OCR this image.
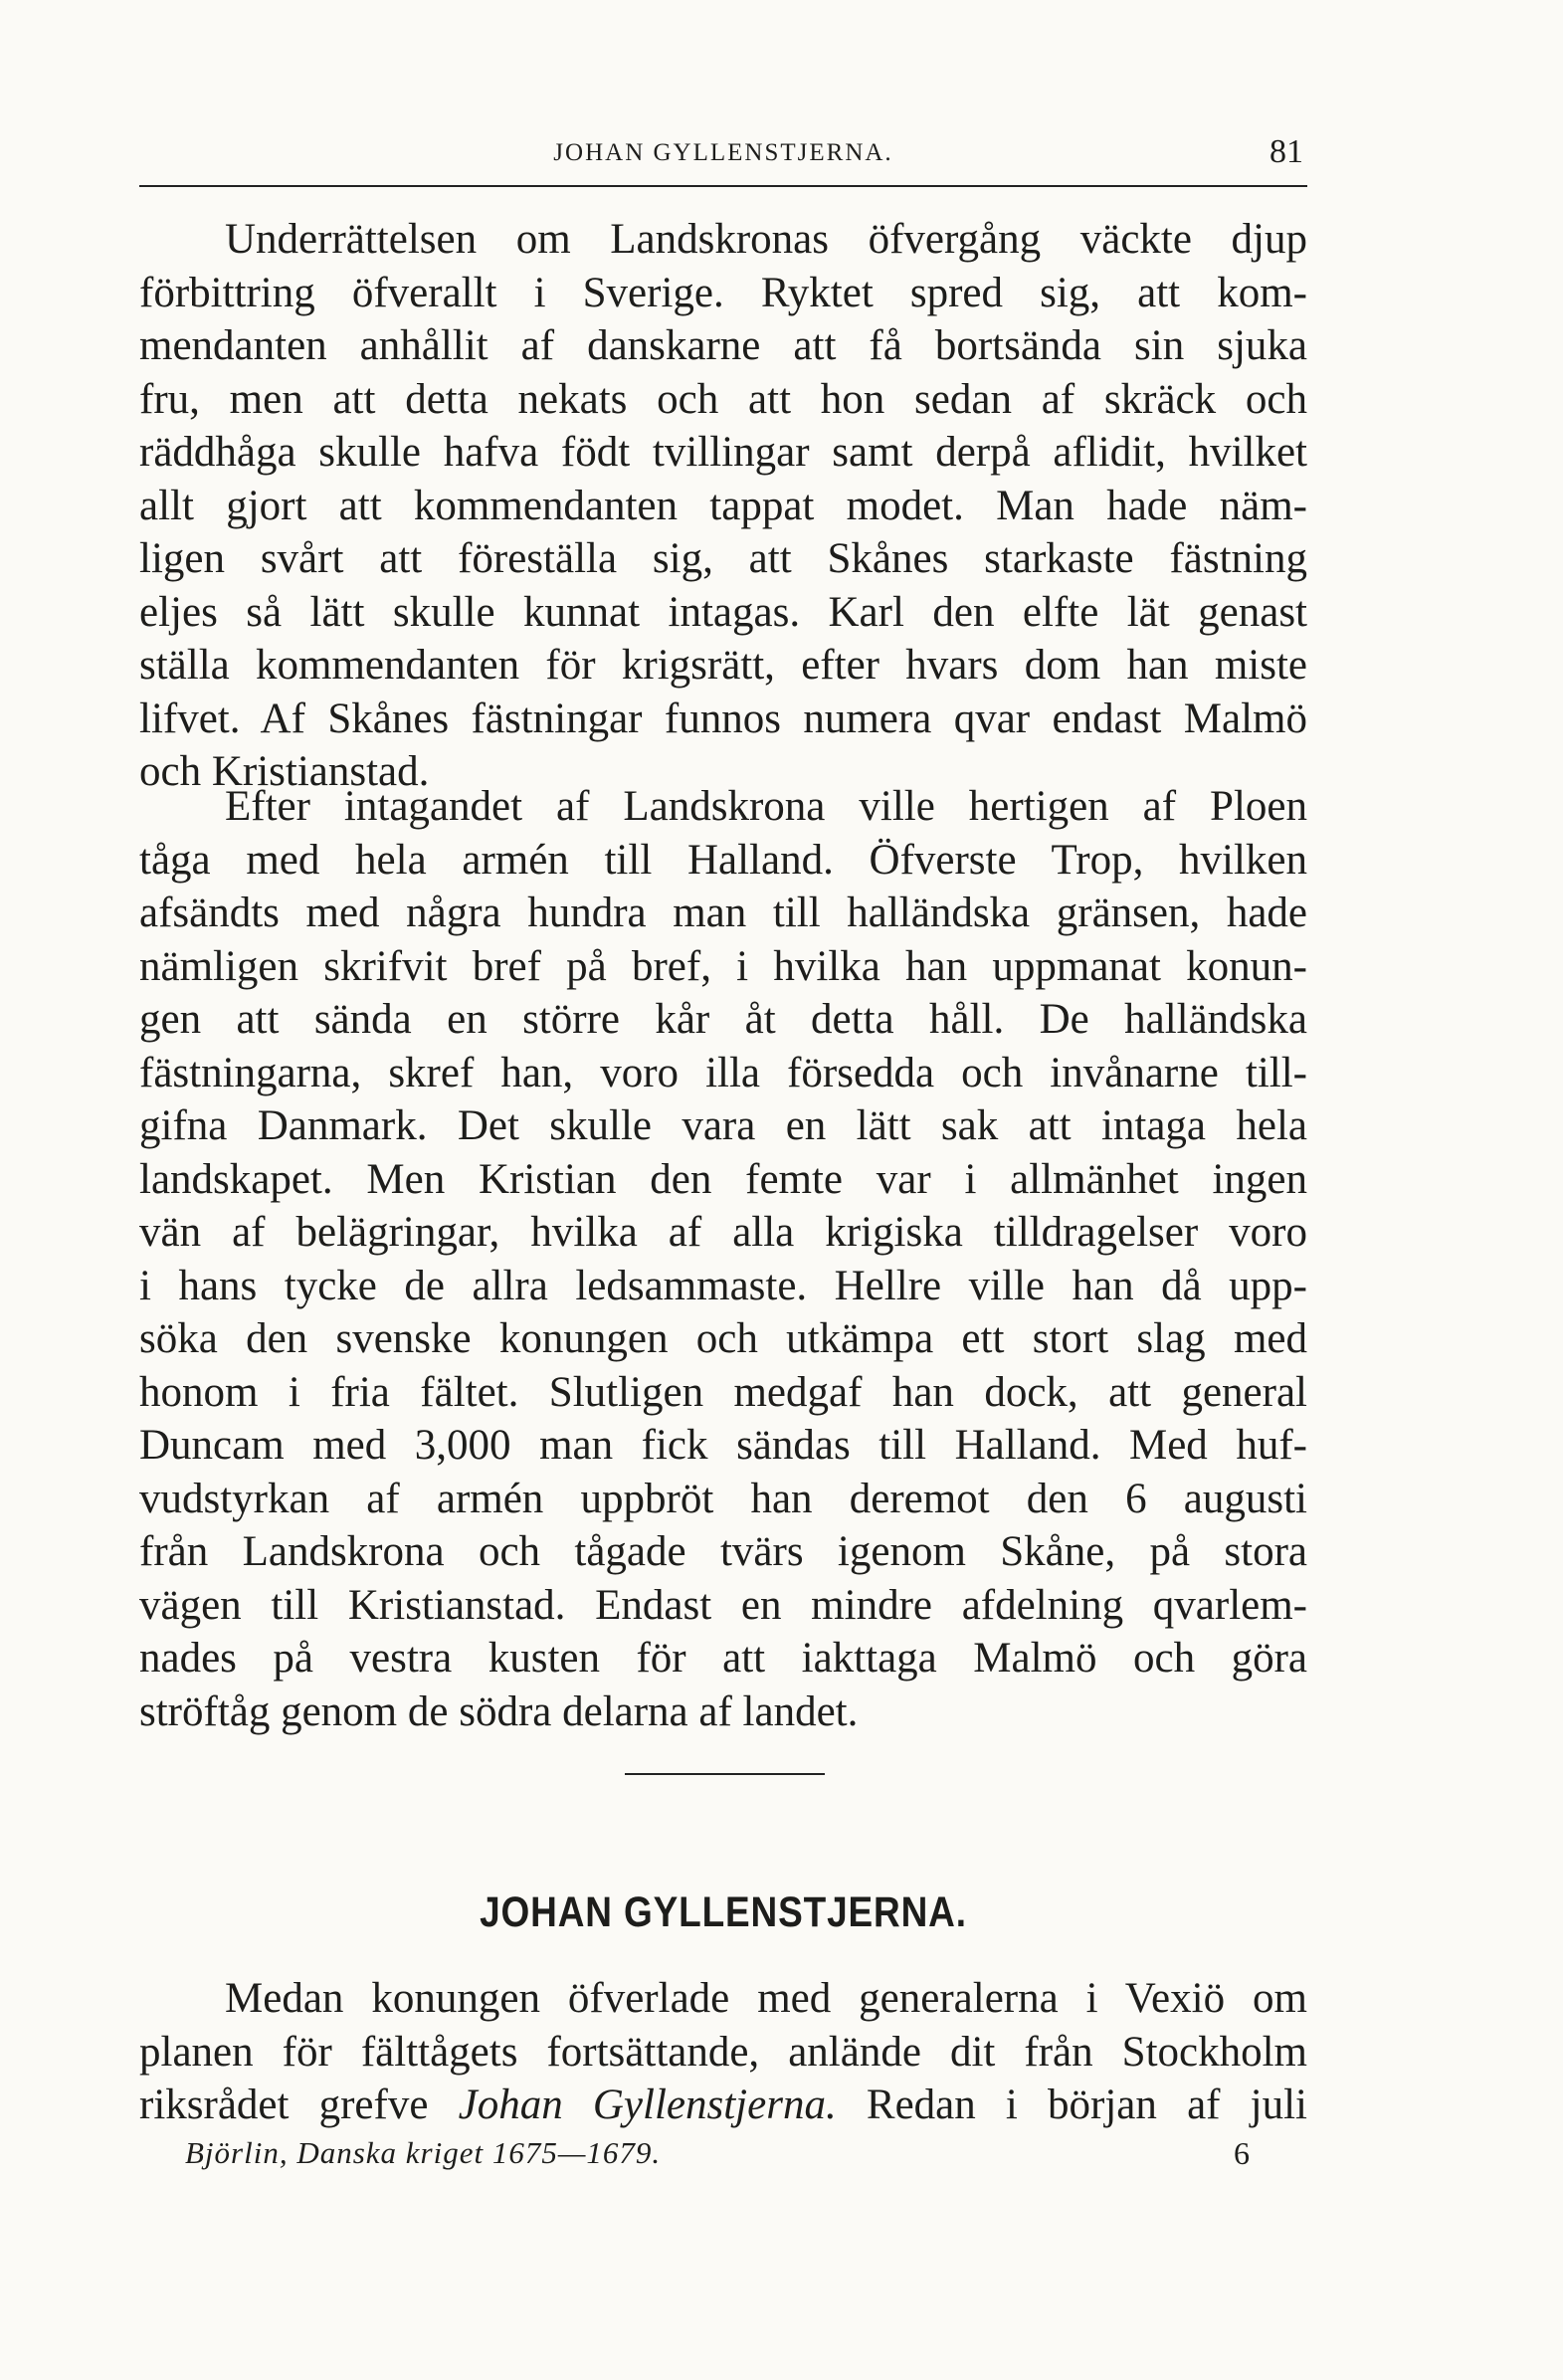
JOHAN GYLLENSTJERNA.	81
Underrättelsen om Landskronas öfvergång väckte djup
förbittring öfverallt i Sverige. Ryktet spred sig, att kom-
mendanten anhållit af danskarne att få bortsända sin sjuka
fru, men att detta nekats och att hon sedan af skräck och
räddhåga skulle hafva födt tvillingar samt derpå aflidit, hvilket
allt gjort att kommendanten tappat modet. Man hade näm-
ligen svårt att föreställa sig, att Skånes starkaste fästning
eljes så lätt skulle kunnat intagas. Karl den elfte lät genast
ställa kommendanten för krigsrätt, efter hvars dom han miste
lifvet. Af Skånes fästningar funnos numera qvar endast Malmö
och Kristianstad.
Efter intagandet af Landskrona ville hertigen af Ploen
tåga med hela armén till Halland. Öfverste Trop, hvilken
afsändts med några hundra man till halländska gränsen, hade
nämligen skrifvit bref på bref, i hvilka han uppmanat konun-
gen att sända en större kår åt detta håll. De halländska
fästningarna, skref han, voro illa försedda och invånarne till-
gifna Danmark. Det skulle vara en lätt sak att intaga hela
landskapet. Men Kristian den femte var i allmänhet ingen
vän af belägringar, hvilka af alla krigiska tilldragelser voro
i hans tycke de allra ledsammaste. Hellre ville han då upp-
söka den svenske konungen och utkämpa ett stort slag med
honom i fria fältet. Slutligen medgaf han dock, att general
Duncam med 3,000 man fick sändas till Halland. Med huf-
vudstyrkan af armén uppbröt han deremot den 6 augusti
från Landskrona och tågade tvärs igenom Skåne, på stora
vägen till Kristianstad. Endast en mindre afdelning qvarlem-
nades på vestra kusten för att iakttaga Malmö och göra
ströftåg genom de södra delarna af landet.
JOHAN GYLLENSTJERNA.
Medan konungen öfverlade med generalerna i Vexiö om
planen för fälttågets fortsättande, anlände dit från Stockholm
riksrådet grefve Johan Gyllenstjerna. Redan i början af juli
Björlin, Danska kriget 1675—1679.	6
